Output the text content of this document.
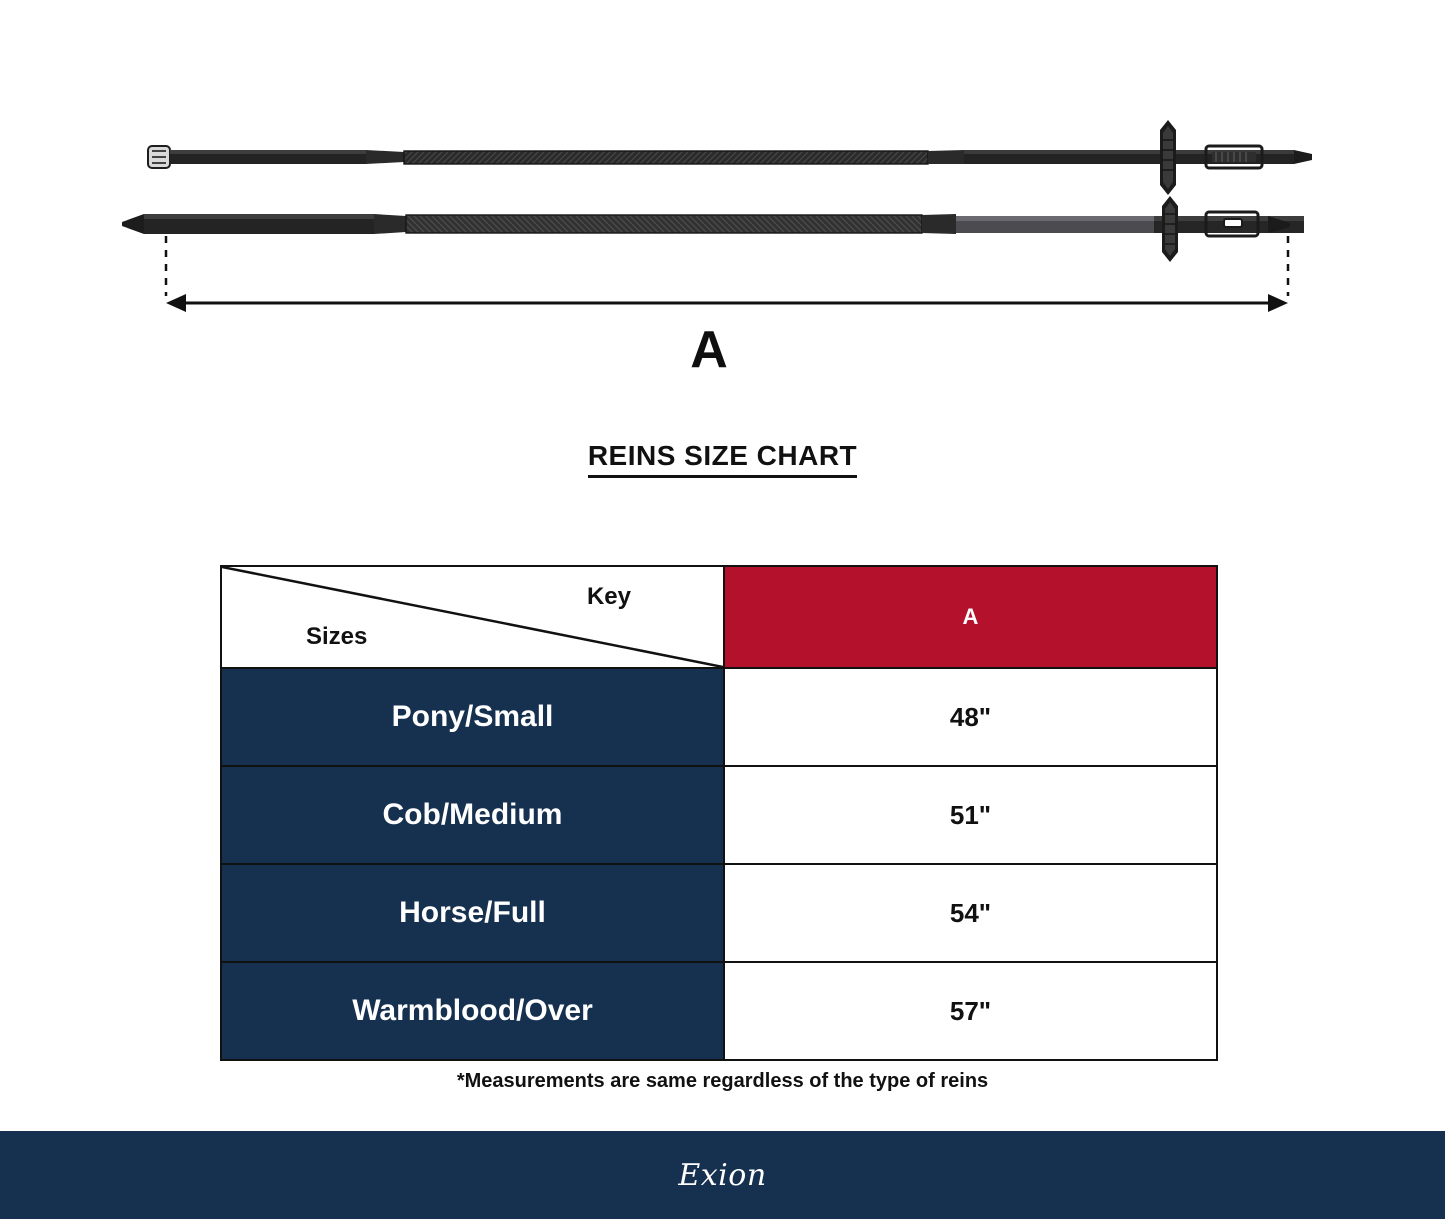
A
REINS SIZE CHART
Key
Sizes	A
Pony/Small	48"
Cob/Medium	51"
Horse/Full	54"
Warmblood/Over	57"
*Measurements are same regardless of the type of reins
Exion
